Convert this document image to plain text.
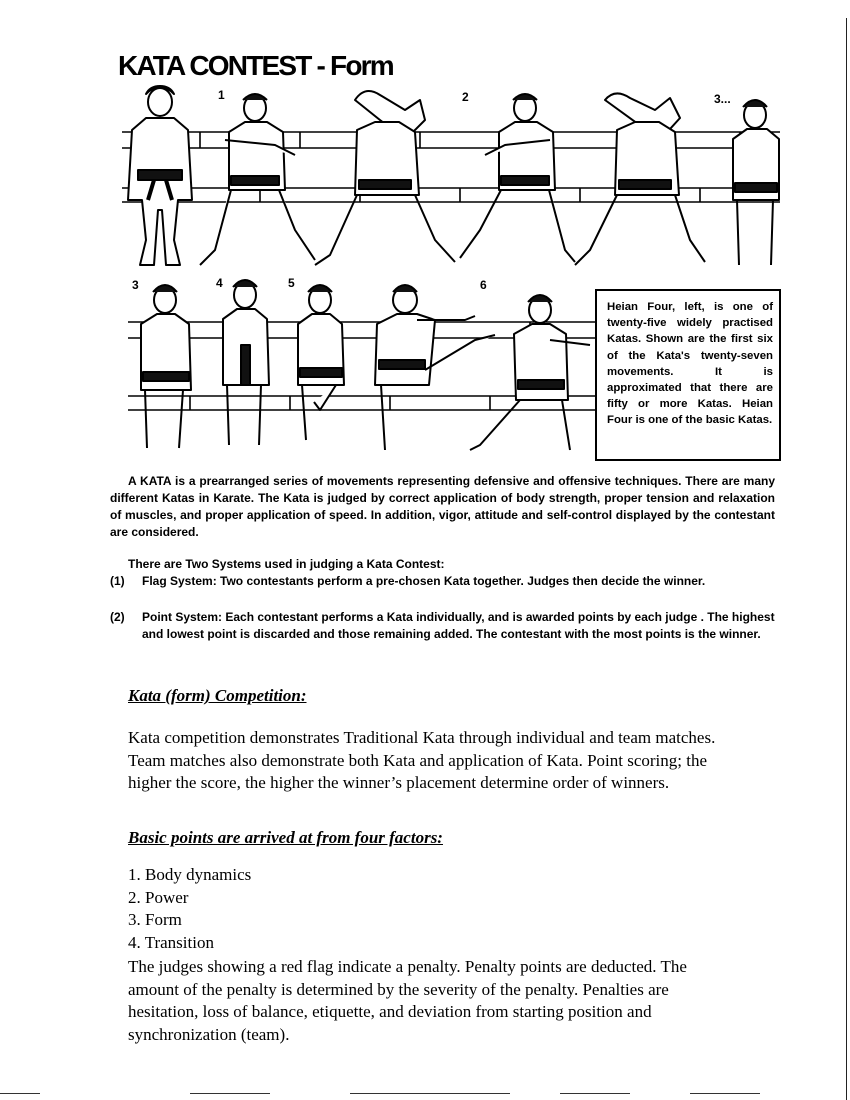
KATA CONTEST - Form
1	2	3...
3	4	5	6
Heian Four, left, is one of twenty-five widely practised Katas. Shown are the first six of the Kata's twenty-seven movements. It is approximated that there are fifty or more Katas. Heian Four is one of the basic Katas.
A KATA is a prearranged series of movements representing defensive and offensive techniques. There are many different Katas in Karate. The Kata is judged by correct application of body strength, proper tension and relaxation of muscles, and proper application of speed. In addition, vigor, attitude and self-control displayed by the contestant are considered.
There are Two Systems used in judging a Kata Contest:
(1)	Flag System: Two contestants perform a pre-chosen Kata together. Judges then decide the winner.
(2)	Point System: Each contestant performs a Kata individually, and is awarded points by each judge . The highest and lowest point is discarded and those remaining added. The contestant with the most points is the winner.
Kata (form) Competition:
Kata competition demonstrates Traditional Kata through individual and team matches. Team matches also demonstrate both Kata and application of Kata. Point scoring; the higher the score, the higher the winner’s placement determine order of winners.
Basic points are arrived at from four factors:
1. Body dynamics
2. Power
3. Form
4. Transition
The judges showing a red flag indicate a penalty. Penalty points are deducted. The amount of the penalty is determined by the severity of the penalty. Penalties are hesitation, loss of balance, etiquette, and deviation from starting position and synchronization (team).
